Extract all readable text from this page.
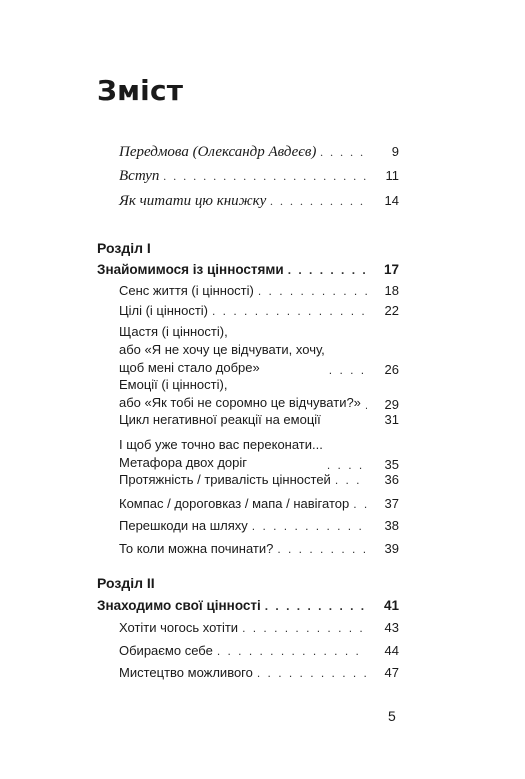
Зміст
Передмова (Олександр Авдеєв) . . .	9
Вступ . . .	11
Як читати цю книжку . . .	14
Розділ І
Знайомимося із цінностями . . .	17
Сенс життя (і цінності) . . .	18
Цілі (і цінності) . . .	22
Щастя (і цінності),
або «Я не хочу це відчувати, хочу,
щоб мені стало добре» . . .	26
Емоції (і цінності),
або «Як тобі не соромно це відчувати?» . . .	29
Цикл негативної реакції на емоції	31
І щоб уже точно вас переконати...
Метафора двох доріг . . .	35
Протяжність / тривалість цінностей . . .	36
Компас / дороговказ / мапа / навігатор . . .	37
Перешкоди на шляху . . .	38
То коли можна починати? . . .	39
Розділ ІІ
Знаходимо свої цінності . . .	41
Хотіти чогось хотіти . . .	43
Обираємо себе . . .	44
Мистецтво можливого . . .	47
5
